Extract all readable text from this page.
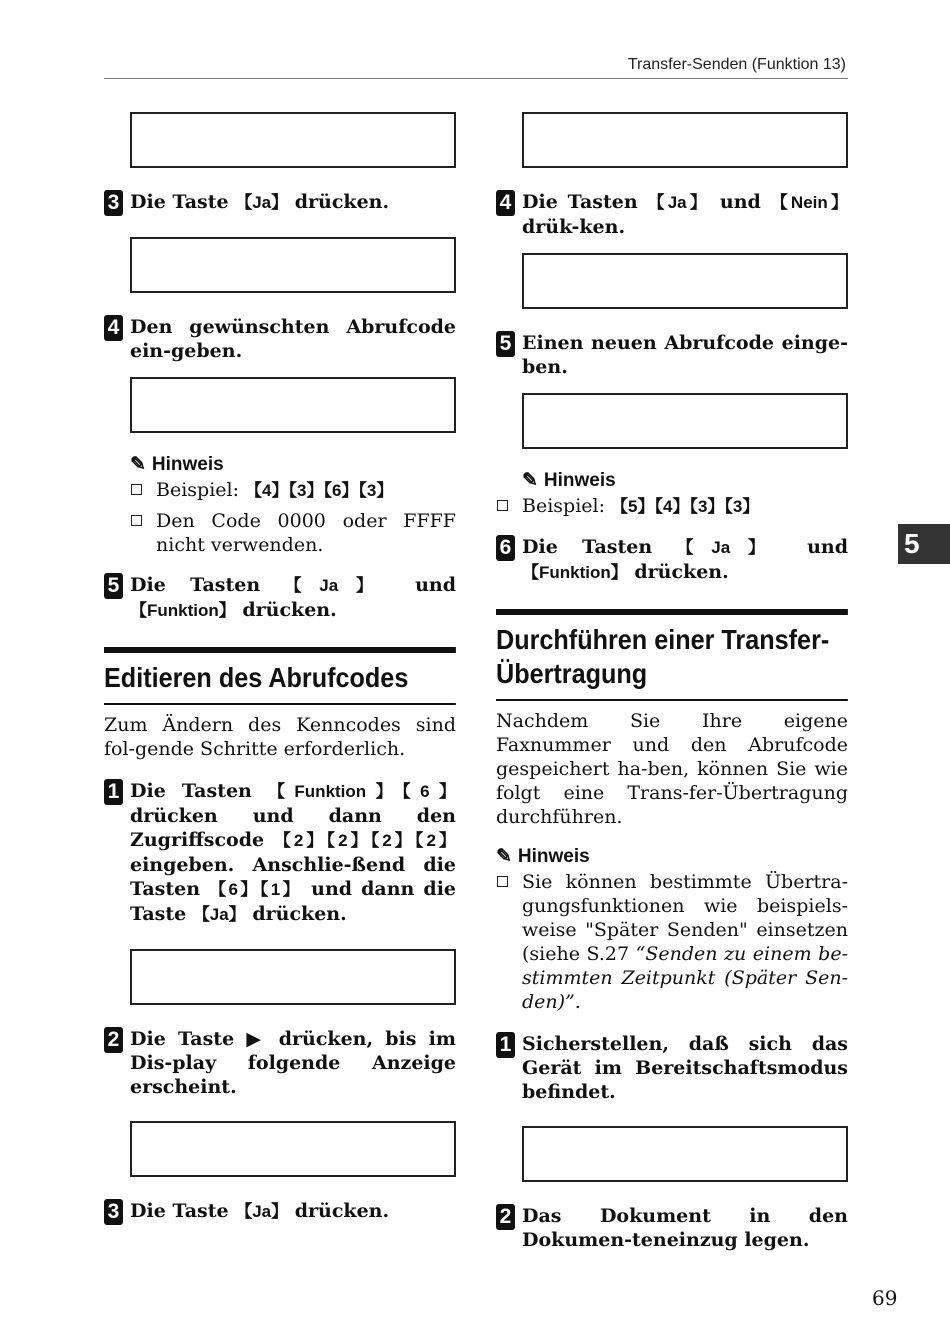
Transfer-Senden (Funktion 13)

3 Die Taste 【Ja】 drücken.

4 Den gewünschten Abrufcode ein-geben.

✎ Hinweis
Beispiel: 【4】【3】【6】【3】
Den Code 0000 oder FFFF nicht verwenden.
5 Die Tasten 【Ja】 und 【Funktion】 drücken.
Editieren des Abrufcodes
Zum Ändern des Kenncodes sind fol-gende Schritte erforderlich.
1 Die Tasten 【Funktion】【6】 drücken und dann den Zugriffscode 【2】【2】【2】【2】 eingeben. Anschlie-ßend die Tasten 【6】【1】 und dann die Taste 【Ja】 drücken.

2 Die Taste ▶ drücken, bis im Dis-play folgende Anzeige erscheint.

3 Die Taste 【Ja】 drücken.

4 Die Tasten 【Ja】 und 【Nein】 drük-ken.

5 Einen neuen Abrufcode einge-ben.

✎ Hinweis
Beispiel: 【5】【4】【3】【3】
6 Die Tasten 【Ja】 und 【Funktion】 drücken.
Durchführen einer Transfer-Übertragung
Nachdem Sie Ihre eigene Faxnummer und den Abrufcode gespeichert ha-ben, können Sie wie folgt eine Trans-fer-Übertragung durchführen.
✎ Hinweis
Sie können bestimmte Übertra-gungsfunktionen wie beispiels-weise "Später Senden" einsetzen (siehe S.27 “Senden zu einem be-stimmten Zeitpunkt (Später Sen-den)”.
1 Sicherstellen, daß sich das Gerät im Bereitschaftsmodus befindet.

2 Das Dokument in den Dokumen-teneinzug legen.
5
69
